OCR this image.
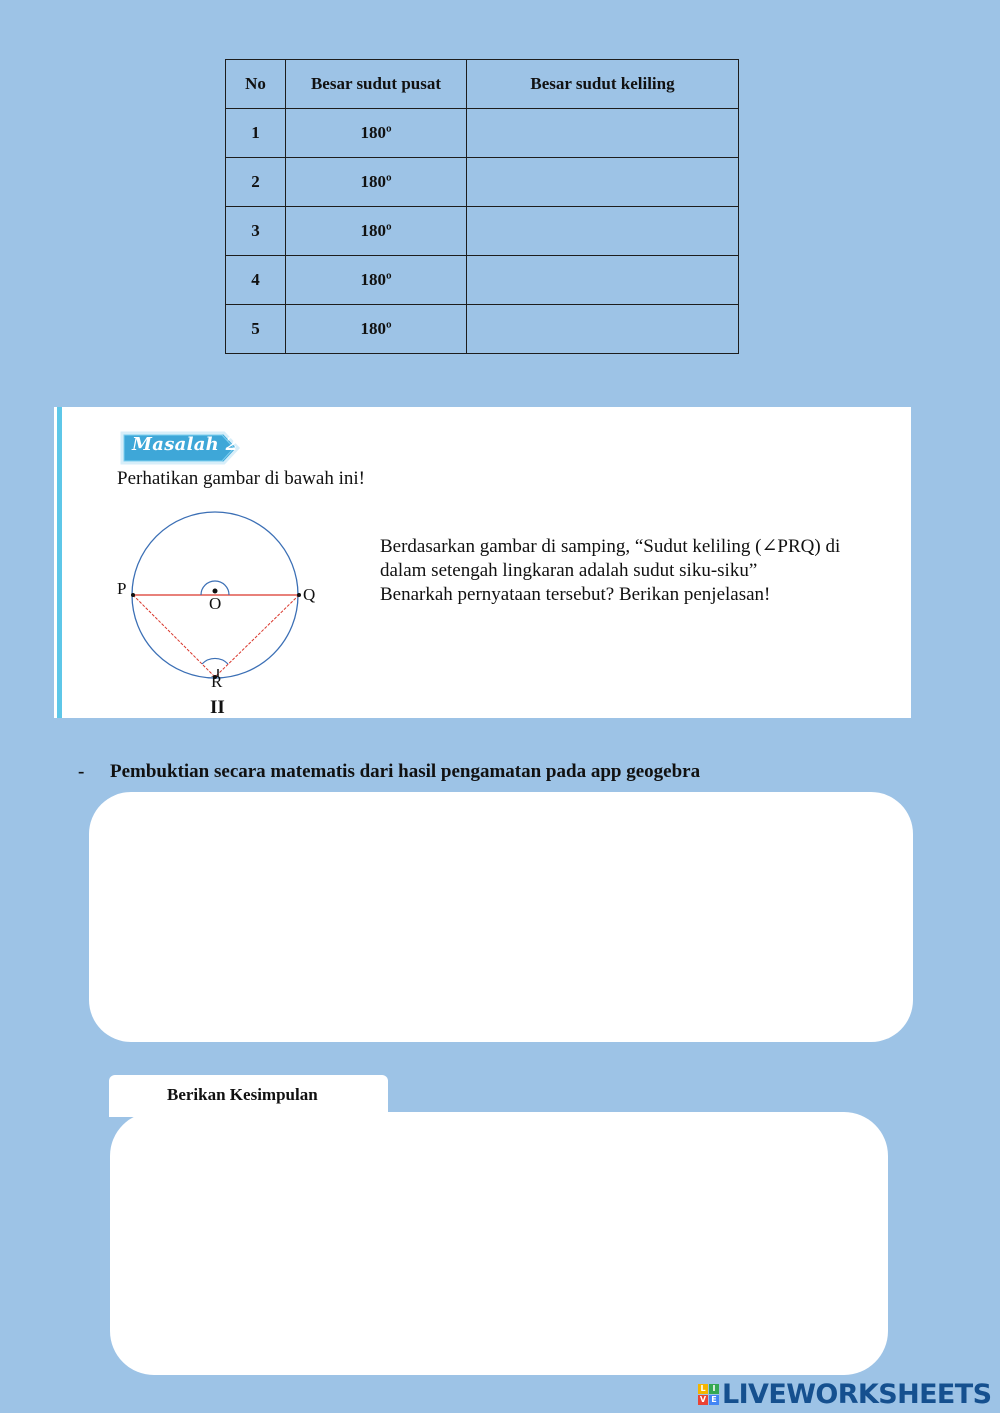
No	Besar sudut pusat	Besar sudut keliling
1	180º	

2	180º	

3	180º	

4	180º	

5	180º	
Masalah 2
Perhatikan gambar di bawah ini!
P	Q
O
R
II

Berdasarkan gambar di samping, “Sudut keliling (∠PRQ) di

dalam setengah lingkaran adalah sudut siku-siku”

Benarkah pernyataan tersebut? Berikan penjelasan!

- Pembuktian secara matematis dari hasil pengamatan pada app geogebra
Berikan Kesimpulan
L I
V E LIVEWORKSHEETS
